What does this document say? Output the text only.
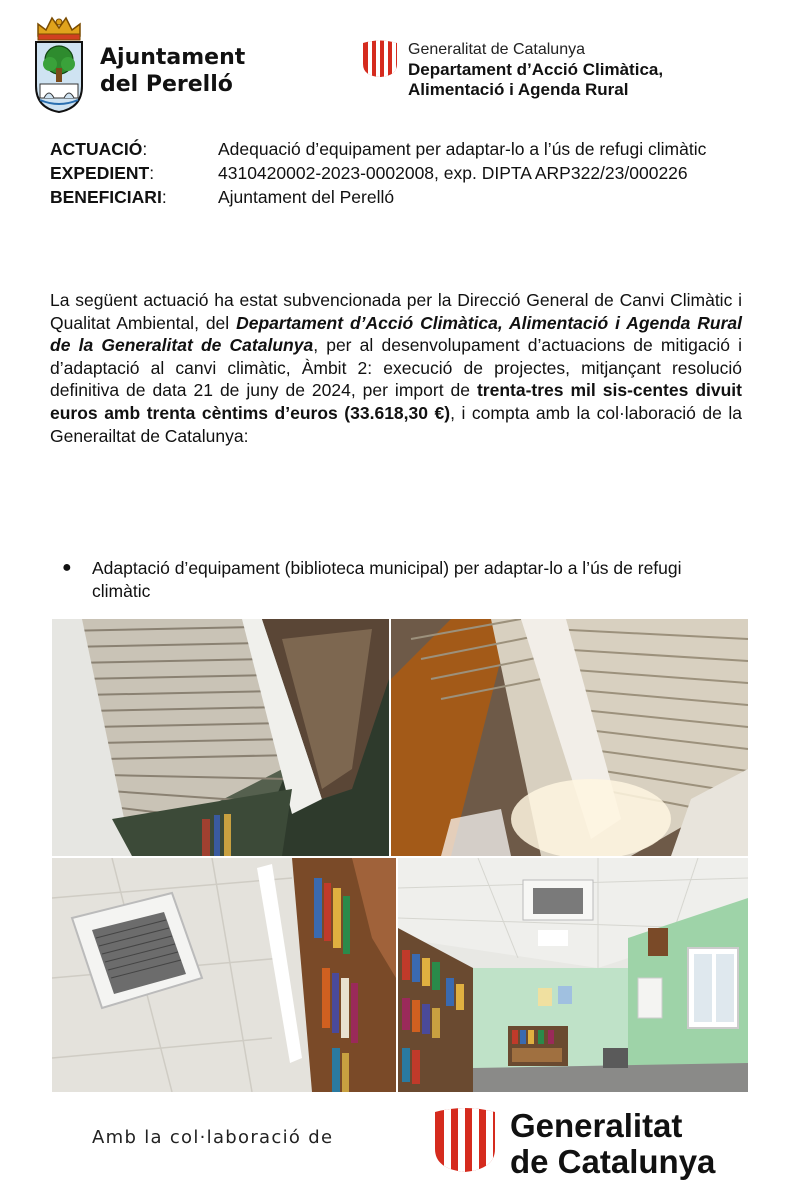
Ajuntament
del Perelló
Generalitat de Catalunya
Departament d’Acció Climàtica,
Alimentació i Agenda Rural
ACTUACIÓ:	Adequació d’equipament per adaptar-lo a l’ús de refugi climàtic
EXPEDIENT:	4310420002-2023-0002008, exp. DIPTA ARP322/23/000226
BENEFICIARI:	Ajuntament del Perelló
La següent actuació ha estat subvencionada per la Direcció General de Canvi Climàtic i Qualitat Ambiental, del Departament d’Acció Climàtica, Alimentació i Agenda Rural de la Generalitat de Catalunya, per al desenvolupament d’actuacions de mitigació i d’adaptació al canvi climàtic, Àmbit 2: execució de projectes, mitjançant resolució definitiva de data 21 de juny de 2024, per import de trenta-tres mil sis-centes divuit euros amb trenta cèntims d’euros (33.618,30 €), i compta amb la col·laboració de la Generailtat de Catalunya:
●	Adaptació d’equipament (biblioteca municipal) per adaptar-lo a l’ús de refugi climàtic
Amb la col·laboració de	Generalitat
de Catalunya
